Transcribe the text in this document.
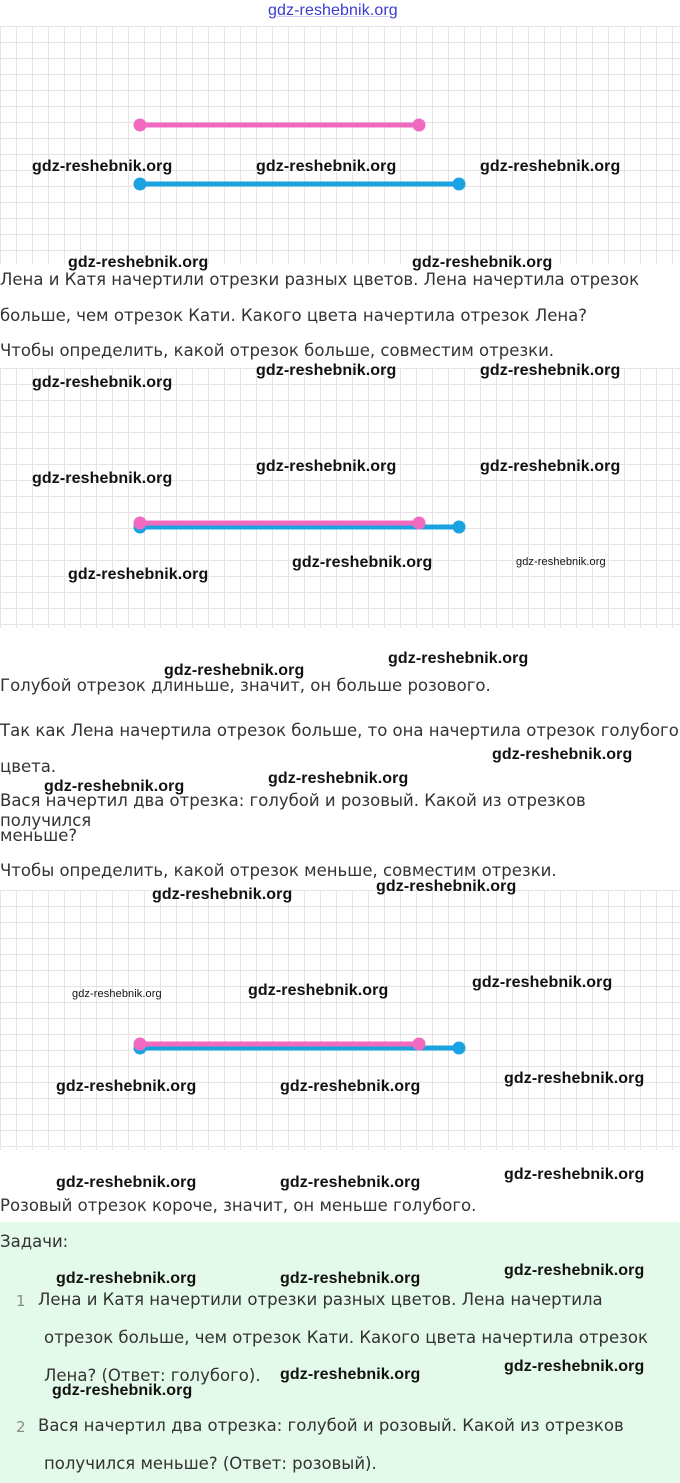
gdz-reshebnik.org

Лена и Катя начертили отрезки разных цветов. Лена начертила отрезок

больше, чем отрезок Кати. Какого цвета начертила отрезок Лена?

Чтобы определить, какой отрезок больше, совместим отрезки.

Голубой отрезок длиньше, значит, он больше розового.

Так как Лена начертила отрезок больше, то она начертила отрезок голубого

цвета.

Вася начертил два отрезка: голубой и розовый. Какой из отрезков получился

меньше?

Чтобы определить, какой отрезок меньше, совместим отрезки.

Розовый отрезок короче, значит, он меньше голубого.

Задачи:
1 Лена и Катя начертили отрезки разных цветов. Лена начертила
отрезок больше, чем отрезок Кати. Какого цвета начертила отрезок
Лена? (Ответ: голубого).
2 Вася начертил два отрезка: голубой и розовый. Какой из отрезков
получился меньше? (Ответ: розовый).
gdz-reshebnik.org	gdz-reshebnik.org	gdz-reshebnik.org
gdz-reshebnik.org	gdz-reshebnik.org
gdz-reshebnik.org
gdz-reshebnik.org	gdz-reshebnik.org
gdz-reshebnik.org
gdz-reshebnik.org	gdz-reshebnik.org
gdz-reshebnik.org
gdz-reshebnik.org	gdz-reshebnik.org
gdz-reshebnik.org
gdz-reshebnik.org
gdz-reshebnik.org
gdz-reshebnik.org	gdz-reshebnik.org
gdz-reshebnik.org	gdz-reshebnik.org
gdz-reshebnik.org	gdz-reshebnik.org	gdz-reshebnik.org
gdz-reshebnik.org	gdz-reshebnik.org	gdz-reshebnik.org
gdz-reshebnik.org	gdz-reshebnik.org	gdz-reshebnik.org
gdz-reshebnik.org	gdz-reshebnik.org	gdz-reshebnik.org
gdz-reshebnik.org	gdz-reshebnik.org
gdz-reshebnik.org
